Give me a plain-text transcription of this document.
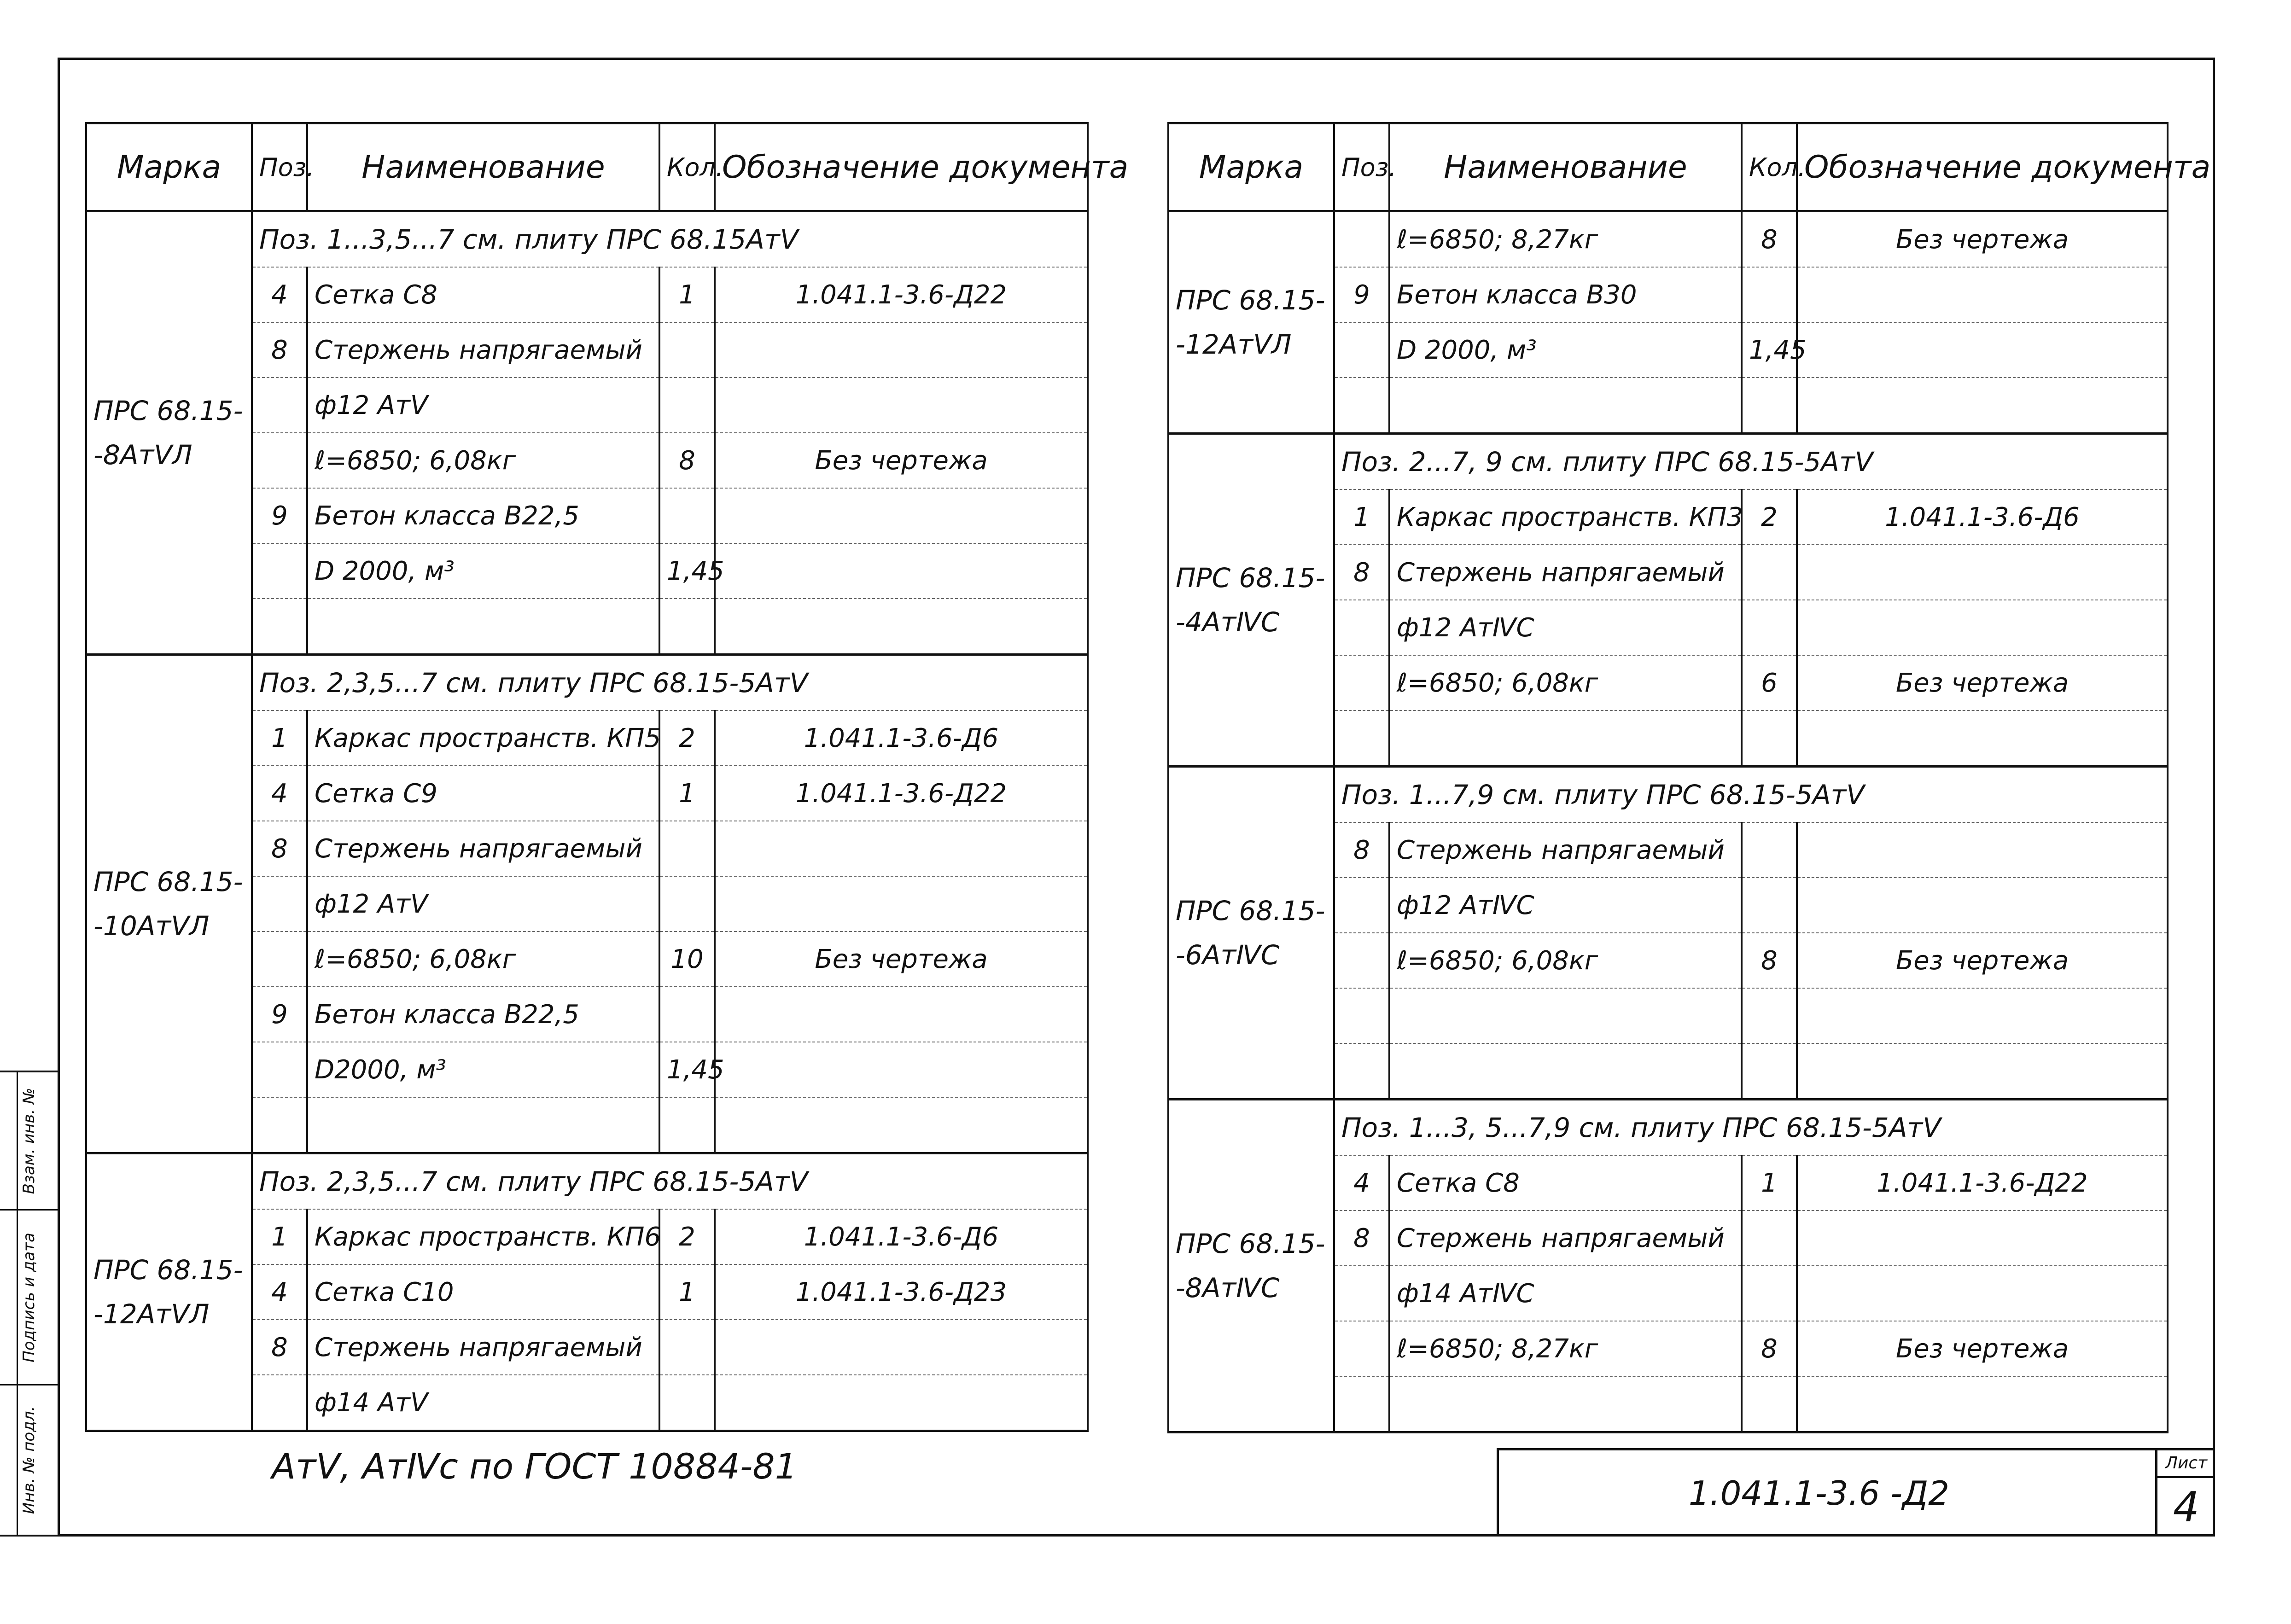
Марка	Поз.	Наименование	Кол.	Обозначение документа

ПРС 68.15-
-8АтⅤЛ	Поз. 1...3,5...7 см. плиту ПРС 68.15АтⅤ			
	4	Сетка С8	1	1.041.1-3.6-Д22
	8	Стержень напрягаемый		
		ф12 АтⅤ		
		ℓ=6850; 6,08кг	8	Без чертежа
	9	Бетон класса В22,5		
		D 2000, м³	1,45	

ПРС 68.15-
-10АтⅤЛ	Поз. 2,3,5...7 см. плиту ПРС 68.15-5АтⅤ			
	1	Каркас пространств. КП5	2	1.041.1-3.6-Д6
	4	Сетка С9	1	1.041.1-3.6-Д22
	8	Стержень напрягаемый		
		ф12 АтⅤ		
		ℓ=6850; 6,08кг	10	Без чертежа
	9	Бетон класса В22,5		
		D2000, м³	1,45	

ПРС 68.15-
-12АтⅤЛ	Поз. 2,3,5...7 см. плиту ПРС 68.15-5АтⅤ			
	1	Каркас пространств. КП6	2	1.041.1-3.6-Д6
	4	Сетка С10	1	1.041.1-3.6-Д23
	8	Стержень напрягаемый		
		ф14 АтⅤ		
Марка	Поз.	Наименование	Кол.	Обозначение документа

ПРС 68.15-
-12АтⅤЛ		ℓ=6850; 8,27кг	8	Без чертежа
	9	Бетон класса В30		
		D 2000, м³	1,45	

ПРС 68.15-
-4АтⅣС	Поз. 2...7, 9 см. плиту ПРС 68.15-5АтⅤ			
	1	Каркас пространств. КП3	2	1.041.1-3.6-Д6
	8	Стержень напрягаемый		
		ф12 АтⅣС		
		ℓ=6850; 6,08кг	6	Без чертежа

ПРС 68.15-
-6АтⅣС	Поз. 1...7,9 см. плиту ПРС 68.15-5АтⅤ			
	8	Стержень напрягаемый		
		ф12 АтⅣС		
		ℓ=6850; 6,08кг	8	Без чертежа

ПРС 68.15-
-8АтⅣС	Поз. 1...3, 5...7,9 см. плиту ПРС 68.15-5АтⅤ			
	4	Сетка С8	1	1.041.1-3.6-Д22
	8	Стержень напрягаемый		
		ф14 АтⅣС		
		ℓ=6850; 8,27кг	8	Без чертежа

АтⅤ, АтⅣс по ГОСТ 10884-81
1.041.1-3.6 -Д2
Лист
4
Взам. инв. №
Подпись и дата
Инв. № подл.
